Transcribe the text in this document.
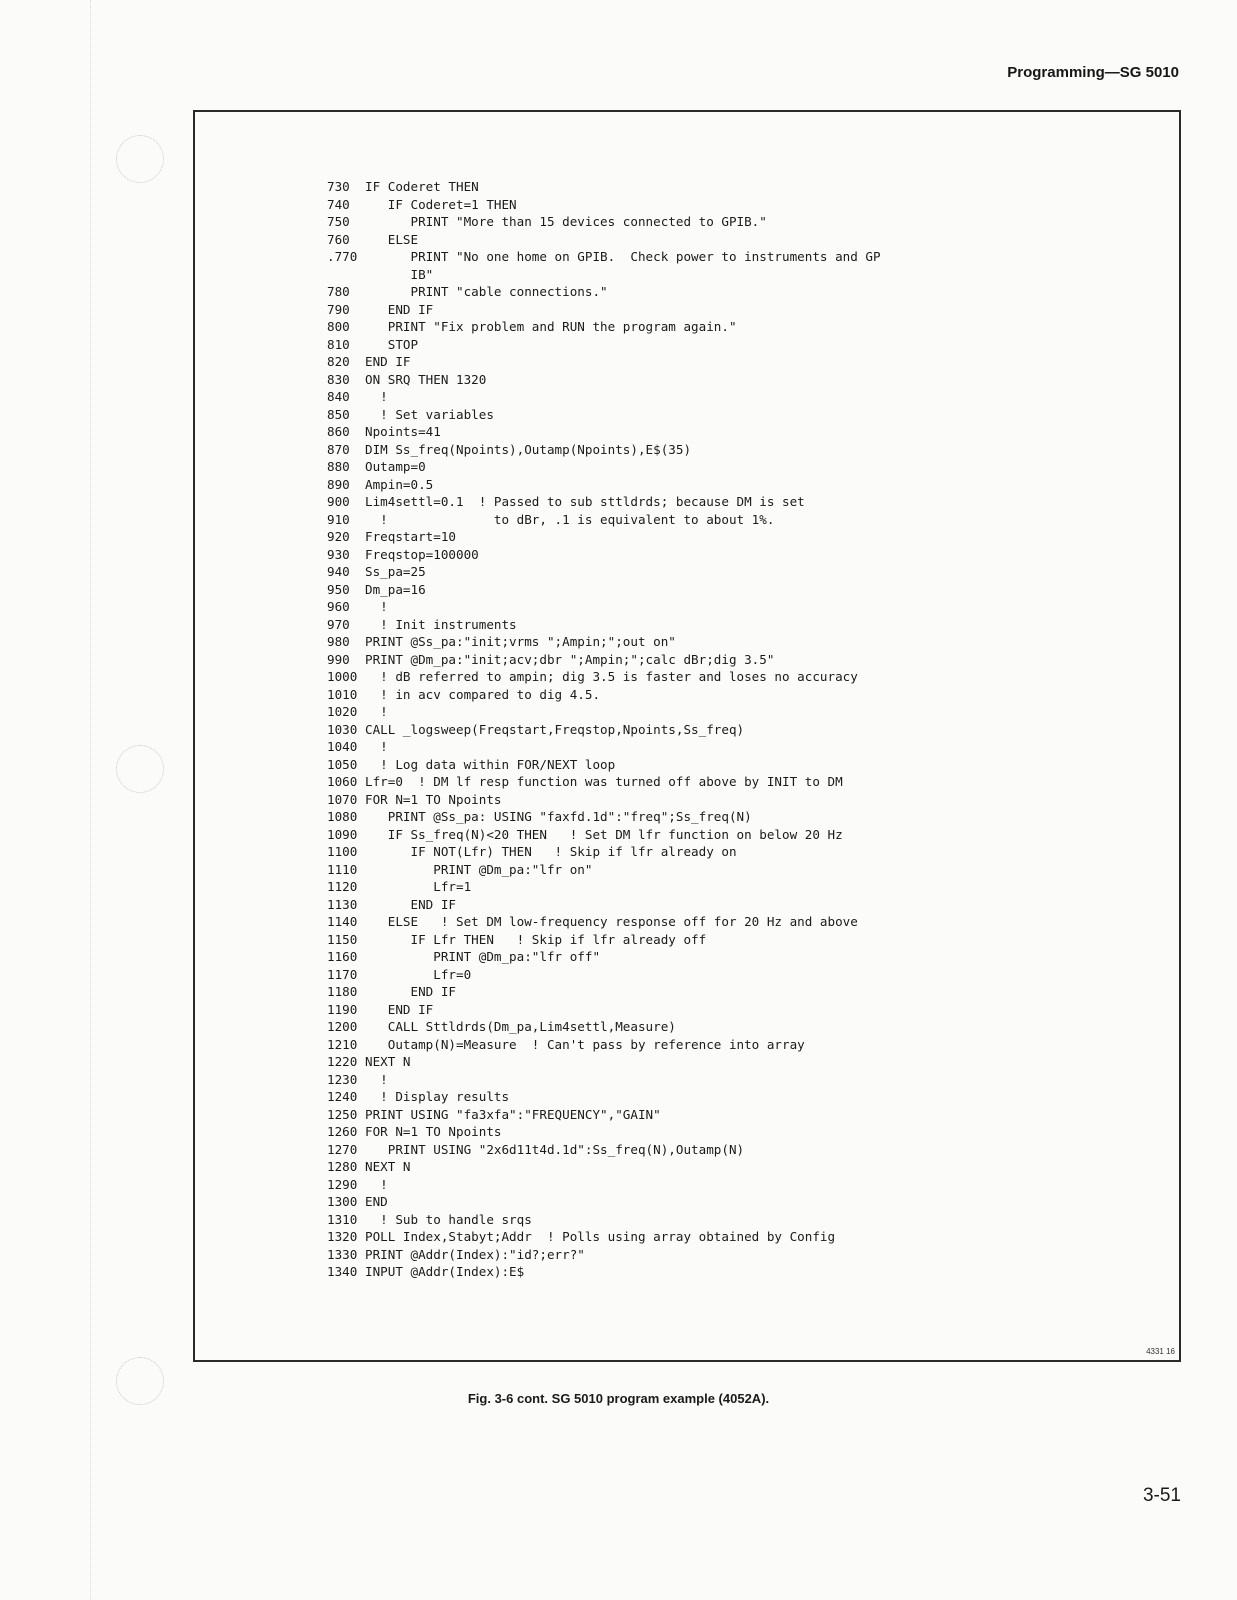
Programming—SG 5010
730	IF Coderet THEN
740	IF Coderet=1 THEN
750	PRINT "More than 15 devices connected to GPIB."
760	ELSE
.770 PRINT "No one home on GPIB.  Check power to instruments and GP
IB"
780	PRINT "cable connections."
790	END IF
800	PRINT "Fix problem and RUN the program again."
810	STOP
820	END IF
830	ON SRQ THEN 1320
840	!
850	! Set variables
860	Npoints=41
870	DIM Ss_freq(Npoints),Outamp(Npoints),E$(35)
880	Outamp=0
890	Ampin=0.5
900	Lim4settl=0.1  ! Passed to sub sttldrds; because DM is set
910	!              to dBr, .1 is equivalent to about 1%.
920	Freqstart=10
930	Freqstop=100000
940	Ss_pa=25
950	Dm_pa=16
960	!
970	! Init instruments
980	PRINT @Ss_pa:"init;vrms ";Ampin;";out on"
990	PRINT @Dm_pa:"init;acv;dbr ";Ampin;";calc dBr;dig 3.5"
1000 ! dB referred to ampin; dig 3.5 is faster and loses no accuracy
1010 ! in acv compared to dig 4.5.
1020 !
1030 CALL _logsweep(Freqstart,Freqstop,Npoints,Ss_freq)
1040 !
1050 ! Log data within FOR/NEXT loop
1060 Lfr=0  ! DM lf resp function was turned off above by INIT to DM
1070 FOR N=1 TO Npoints
1080 PRINT @Ss_pa: USING "faxfd.1d":"freq";Ss_freq(N)
1090 IF Ss_freq(N)<20 THEN   ! Set DM lfr function on below 20 Hz
1100 IF NOT(Lfr) THEN   ! Skip if lfr already on
1110 PRINT @Dm_pa:"lfr on"
1120 Lfr=1
1130 END IF
1140 ELSE   ! Set DM low-frequency response off for 20 Hz and above
1150 IF Lfr THEN   ! Skip if lfr already off
1160 PRINT @Dm_pa:"lfr off"
1170 Lfr=0
1180 END IF
1190 END IF
1200 CALL Sttldrds(Dm_pa,Lim4settl,Measure)
1210 Outamp(N)=Measure  ! Can't pass by reference into array
1220 NEXT N
1230 !
1240 ! Display results
1250 PRINT USING "fa3xfa":"FREQUENCY","GAIN"
1260 FOR N=1 TO Npoints
1270 PRINT USING "2x6d11t4d.1d":Ss_freq(N),Outamp(N)
1280 NEXT N
1290 !
1300 END
1310 ! Sub to handle srqs
1320 POLL Index,Stabyt;Addr  ! Polls using array obtained by Config
1330 PRINT @Addr(Index):"id?;err?"
1340 INPUT @Addr(Index):E$
4331 16
Fig. 3-6 cont. SG 5010 program example (4052A).
3-51
